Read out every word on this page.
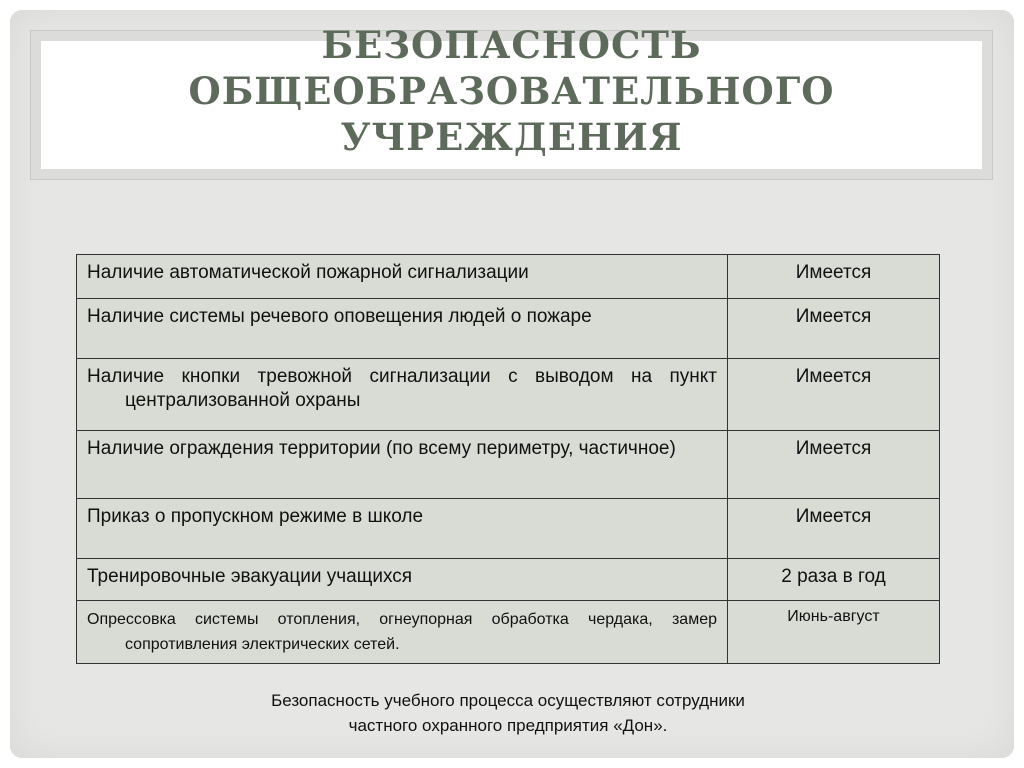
БЕЗОПАСНОСТЬ
ОБЩЕОБРАЗОВАТЕЛЬНОГО
УЧРЕЖДЕНИЯ
Наличие автоматической пожарной сигнализации	Имеется

Наличие системы речевого оповещения людей о пожаре	Имеется

Наличие кнопки тревожной сигнализации с выводом на пункт централизованной охраны	Имеется

Наличие ограждения территории (по всему периметру, частичное)	Имеется

Приказ о пропускном режиме в школе	Имеется

Тренировочные эвакуации учащихся	2 раза в год

Опрессовка системы отопления, огнеупорная обработка чердака, замер сопротивления электрических сетей.	Июнь-август
Безопасность учебного процесса осуществляют сотрудники
частного охранного предприятия «Дон».
